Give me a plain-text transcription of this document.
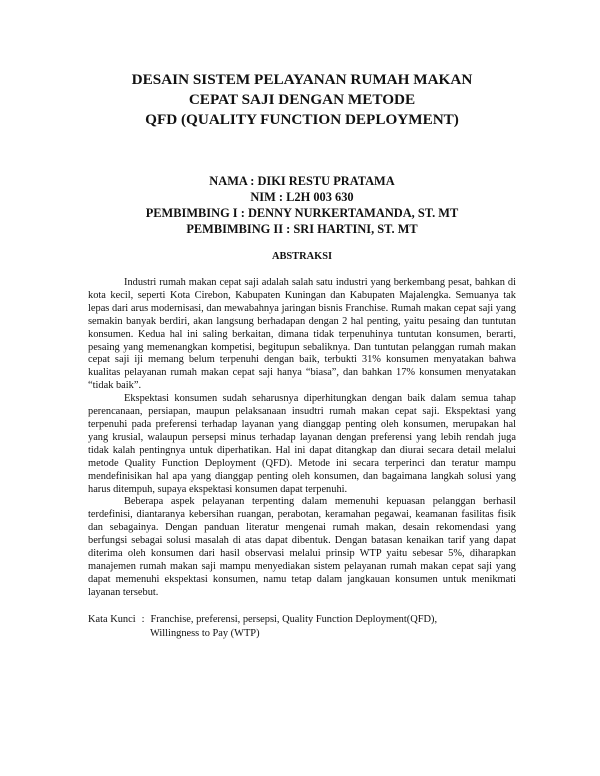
DESAIN SISTEM PELAYANAN RUMAH MAKAN
CEPAT SAJI DENGAN METODE
QFD (QUALITY FUNCTION DEPLOYMENT)
NAMA : DIKI RESTU PRATAMA
NIM : L2H 003 630
PEMBIMBING I : DENNY NURKERTAMANDA, ST. MT
PEMBIMBING II : SRI HARTINI, ST. MT
ABSTRAKSI

Industri rumah makan cepat saji adalah salah satu industri yang berkembang pesat, bahkan di kota kecil, seperti Kota Cirebon, Kabupaten Kuningan dan Kabupaten Majalengka. Semuanya tak lepas dari arus modernisasi, dan mewabahnya jaringan bisnis Franchise. Rumah makan cepat saji yang semakin banyak berdiri, akan langsung berhadapan dengan 2 hal penting, yaitu pesaing dan tuntutan konsumen. Kedua hal ini saling berkaitan, dimana tidak terpenuhinya tuntutan konsumen, berarti, pesaing yang memenangkan kompetisi, begitupun sebaliknya. Dan tuntutan pelanggan rumah makan cepat saji iji memang belum terpenuhi dengan baik, terbukti 31% konsumen menyatakan bahwa kualitas pelayanan rumah makan cepat saji hanya “biasa”, dan bahkan 17% konsumen menyatakan “tidak baik”.

Ekspektasi konsumen sudah seharusnya diperhitungkan dengan baik dalam semua tahap perencanaan, persiapan, maupun pelaksanaan insudtri rumah makan cepat saji. Ekspektasi yang terpenuhi pada preferensi terhadap layanan yang dianggap penting oleh konsumen, merupakan hal yang krusial, walaupun persepsi minus terhadap layanan dengan preferensi yang lebih rendah juga tidak kalah pentingnya untuk diperhatikan. Hal ini dapat ditangkap dan diurai secara detail melalui metode Quality Function Deployment (QFD). Metode ini secara terperinci dan teratur mampu mendefinisikan hal apa yang dianggap penting oleh konsumen, dan bagaimana langkah solusi yang harus ditempuh, supaya ekspektasi konsumen dapat terpenuhi.

Beberapa aspek pelayanan terpenting dalam memenuhi kepuasan pelanggan berhasil terdefinisi, diantaranya kebersihan ruangan, perabotan, keramahan pegawai, keamanan fasilitas fisik dan sebagainya. Dengan panduan literatur mengenai rumah makan, desain rekomendasi yang berfungsi sebagai solusi masalah di atas dapat dibentuk. Dengan batasan kenaikan tarif yang dapat diterima oleh konsumen dari hasil observasi melalui prinsip WTP yaitu sebesar 5%, diharapkan manajemen rumah makan saji mampu menyediakan sistem pelayanan rumah makan cepat saji yang dapat memenuhi ekspektasi konsumen, namu tetap dalam jangkauan konsumen untuk menikmati layanan tersebut.

Kata Kunci : Franchise, preferensi, persepsi, Quality Function Deployment(QFD),
Willingness to Pay (WTP)
